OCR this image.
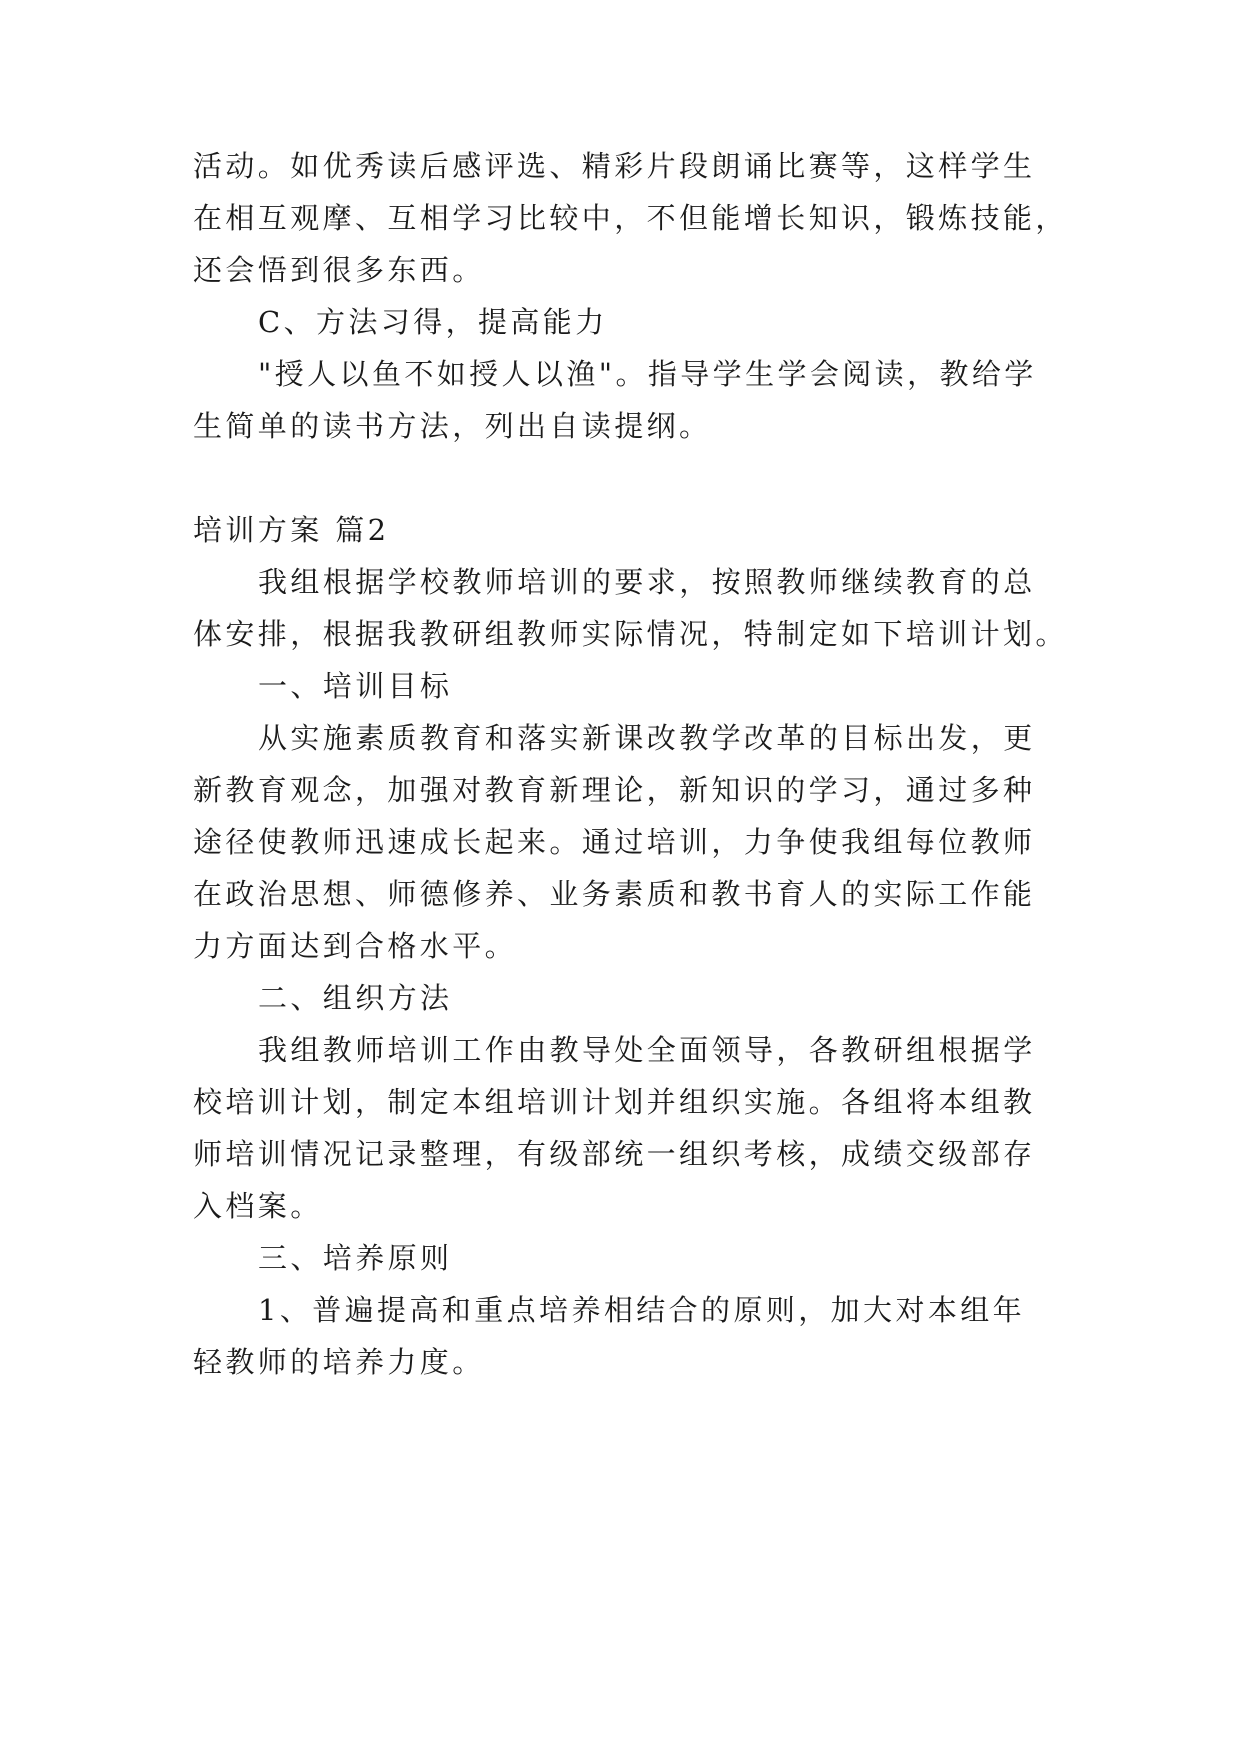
活动。如优秀读后感评选、精彩片段朗诵比赛等，这样学生
在相互观摩、互相学习比较中，不但能增长知识，锻炼技能，
还会悟到很多东西。
C、方法习得，提高能力
"授人以鱼不如授人以渔"。指导学生学会阅读，教给学
生简单的读书方法，列出自读提纲。
培训方案 篇2
我组根据学校教师培训的要求，按照教师继续教育的总
体安排，根据我教研组教师实际情况，特制定如下培训计划。
一、培训目标
从实施素质教育和落实新课改教学改革的目标出发，更
新教育观念，加强对教育新理论，新知识的学习，通过多种
途径使教师迅速成长起来。通过培训，力争使我组每位教师
在政治思想、师德修养、业务素质和教书育人的实际工作能
力方面达到合格水平。
二、组织方法
我组教师培训工作由教导处全面领导，各教研组根据学
校培训计划，制定本组培训计划并组织实施。各组将本组教
师培训情况记录整理，有级部统一组织考核，成绩交级部存
入档案。
三、培养原则
1、普遍提高和重点培养相结合的原则，加大对本组年
轻教师的培养力度。
